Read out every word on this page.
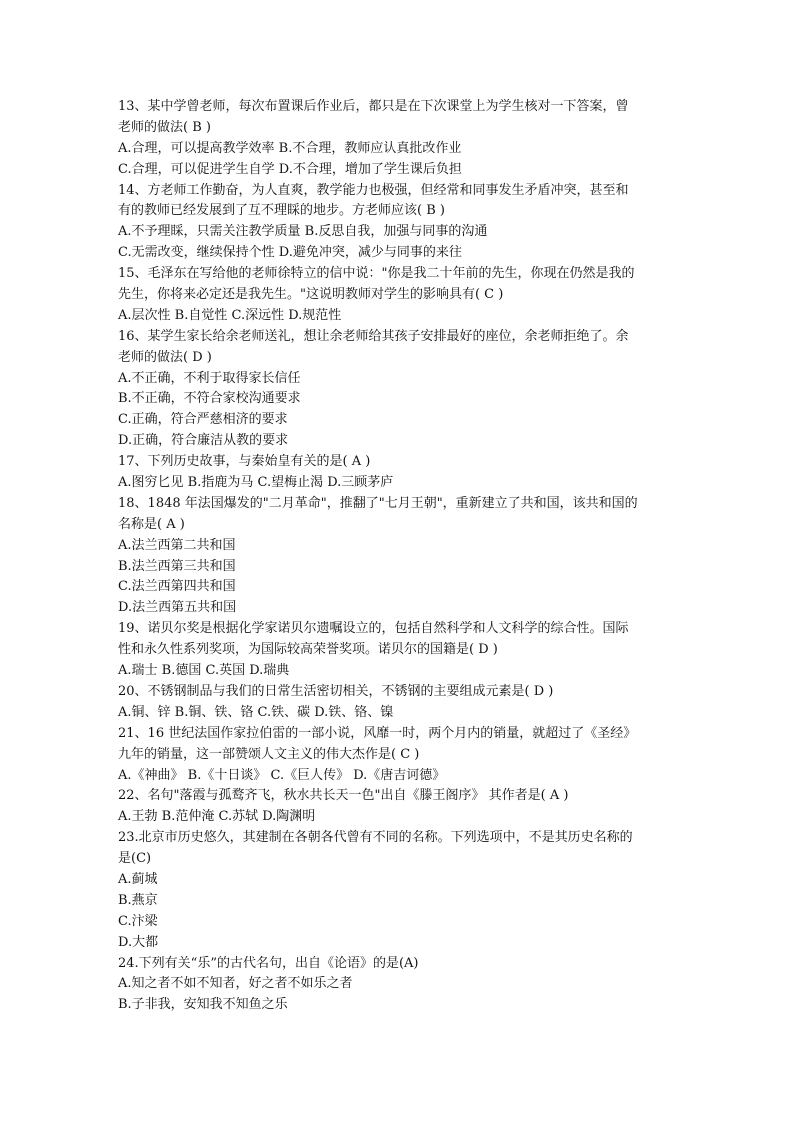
13、某中学曾老师，每次布置课后作业后，都只是在下次课堂上为学生核对一下答案，曾
老师的做法( B )
A.合理，可以提高教学效率 B.不合理，教师应认真批改作业
C.合理，可以促进学生自学 D.不合理，增加了学生课后负担
14、方老师工作勤奋，为人直爽，教学能力也极强，但经常和同事发生矛盾冲突，甚至和
有的教师已经发展到了互不理睬的地步。方老师应该( B )
A.不予理睬，只需关注教学质量 B.反思自我，加强与同事的沟通
C.无需改变，继续保持个性 D.避免冲突，减少与同事的来往
15、毛泽东在写给他的老师徐特立的信中说："你是我二十年前的先生，你现在仍然是我的
先生，你将来必定还是我先生。"这说明教师对学生的影响具有( C )
A.层次性 B.自觉性 C.深远性 D.规范性
16、某学生家长给余老师送礼，想让余老师给其孩子安排最好的座位，余老师拒绝了。余
老师的做法( D )
A.不正确，不利于取得家长信任
B.不正确，不符合家校沟通要求
C.正确，符合严慈相济的要求
D.正确，符合廉洁从教的要求
17、下列历史故事，与秦始皇有关的是( A )
A.图穷匕见 B.指鹿为马 C.望梅止渴 D.三顾茅庐
18、1848 年法国爆发的"二月革命"，推翻了"七月王朝"，重新建立了共和国，该共和国的
名称是( A )
A.法兰西第二共和国
B.法兰西第三共和国
C.法兰西第四共和国
D.法兰西第五共和国
19、诺贝尔奖是根据化学家诺贝尔遗嘱设立的，包括自然科学和人文科学的综合性。国际
性和永久性系列奖项，为国际较高荣誉奖项。诺贝尔的国籍是( D )
A.瑞士 B.德国 C.英国 D.瑞典
20、不锈钢制品与我们的日常生活密切相关，不锈钢的主要组成元素是( D )
A.铜、锌 B.铜、铁、铬 C.铁、碳 D.铁、铬、镍
21、16 世纪法国作家拉伯雷的一部小说，风靡一时，两个月内的销量，就超过了《圣经》
九年的销量，这一部赞颂人文主义的伟大杰作是( C )
A.《神曲》 B.《十日谈》 C.《巨人传》 D.《唐吉诃德》
22、名句"落霞与孤鹜齐飞，秋水共长天一色"出自《滕王阁序》 其作者是( A )
A.王勃 B.范仲淹 C.苏轼 D.陶渊明
23.北京市历史悠久，其建制在各朝各代曾有不同的名称。下列选项中，不是其历史名称的
是(C)
A.蓟城
B.燕京
C.汴梁
D.大都
24.下列有关“乐”的古代名句，出自《论语》的是(A)
A.知之者不如不知者，好之者不如乐之者
B.子非我，安知我不知鱼之乐
